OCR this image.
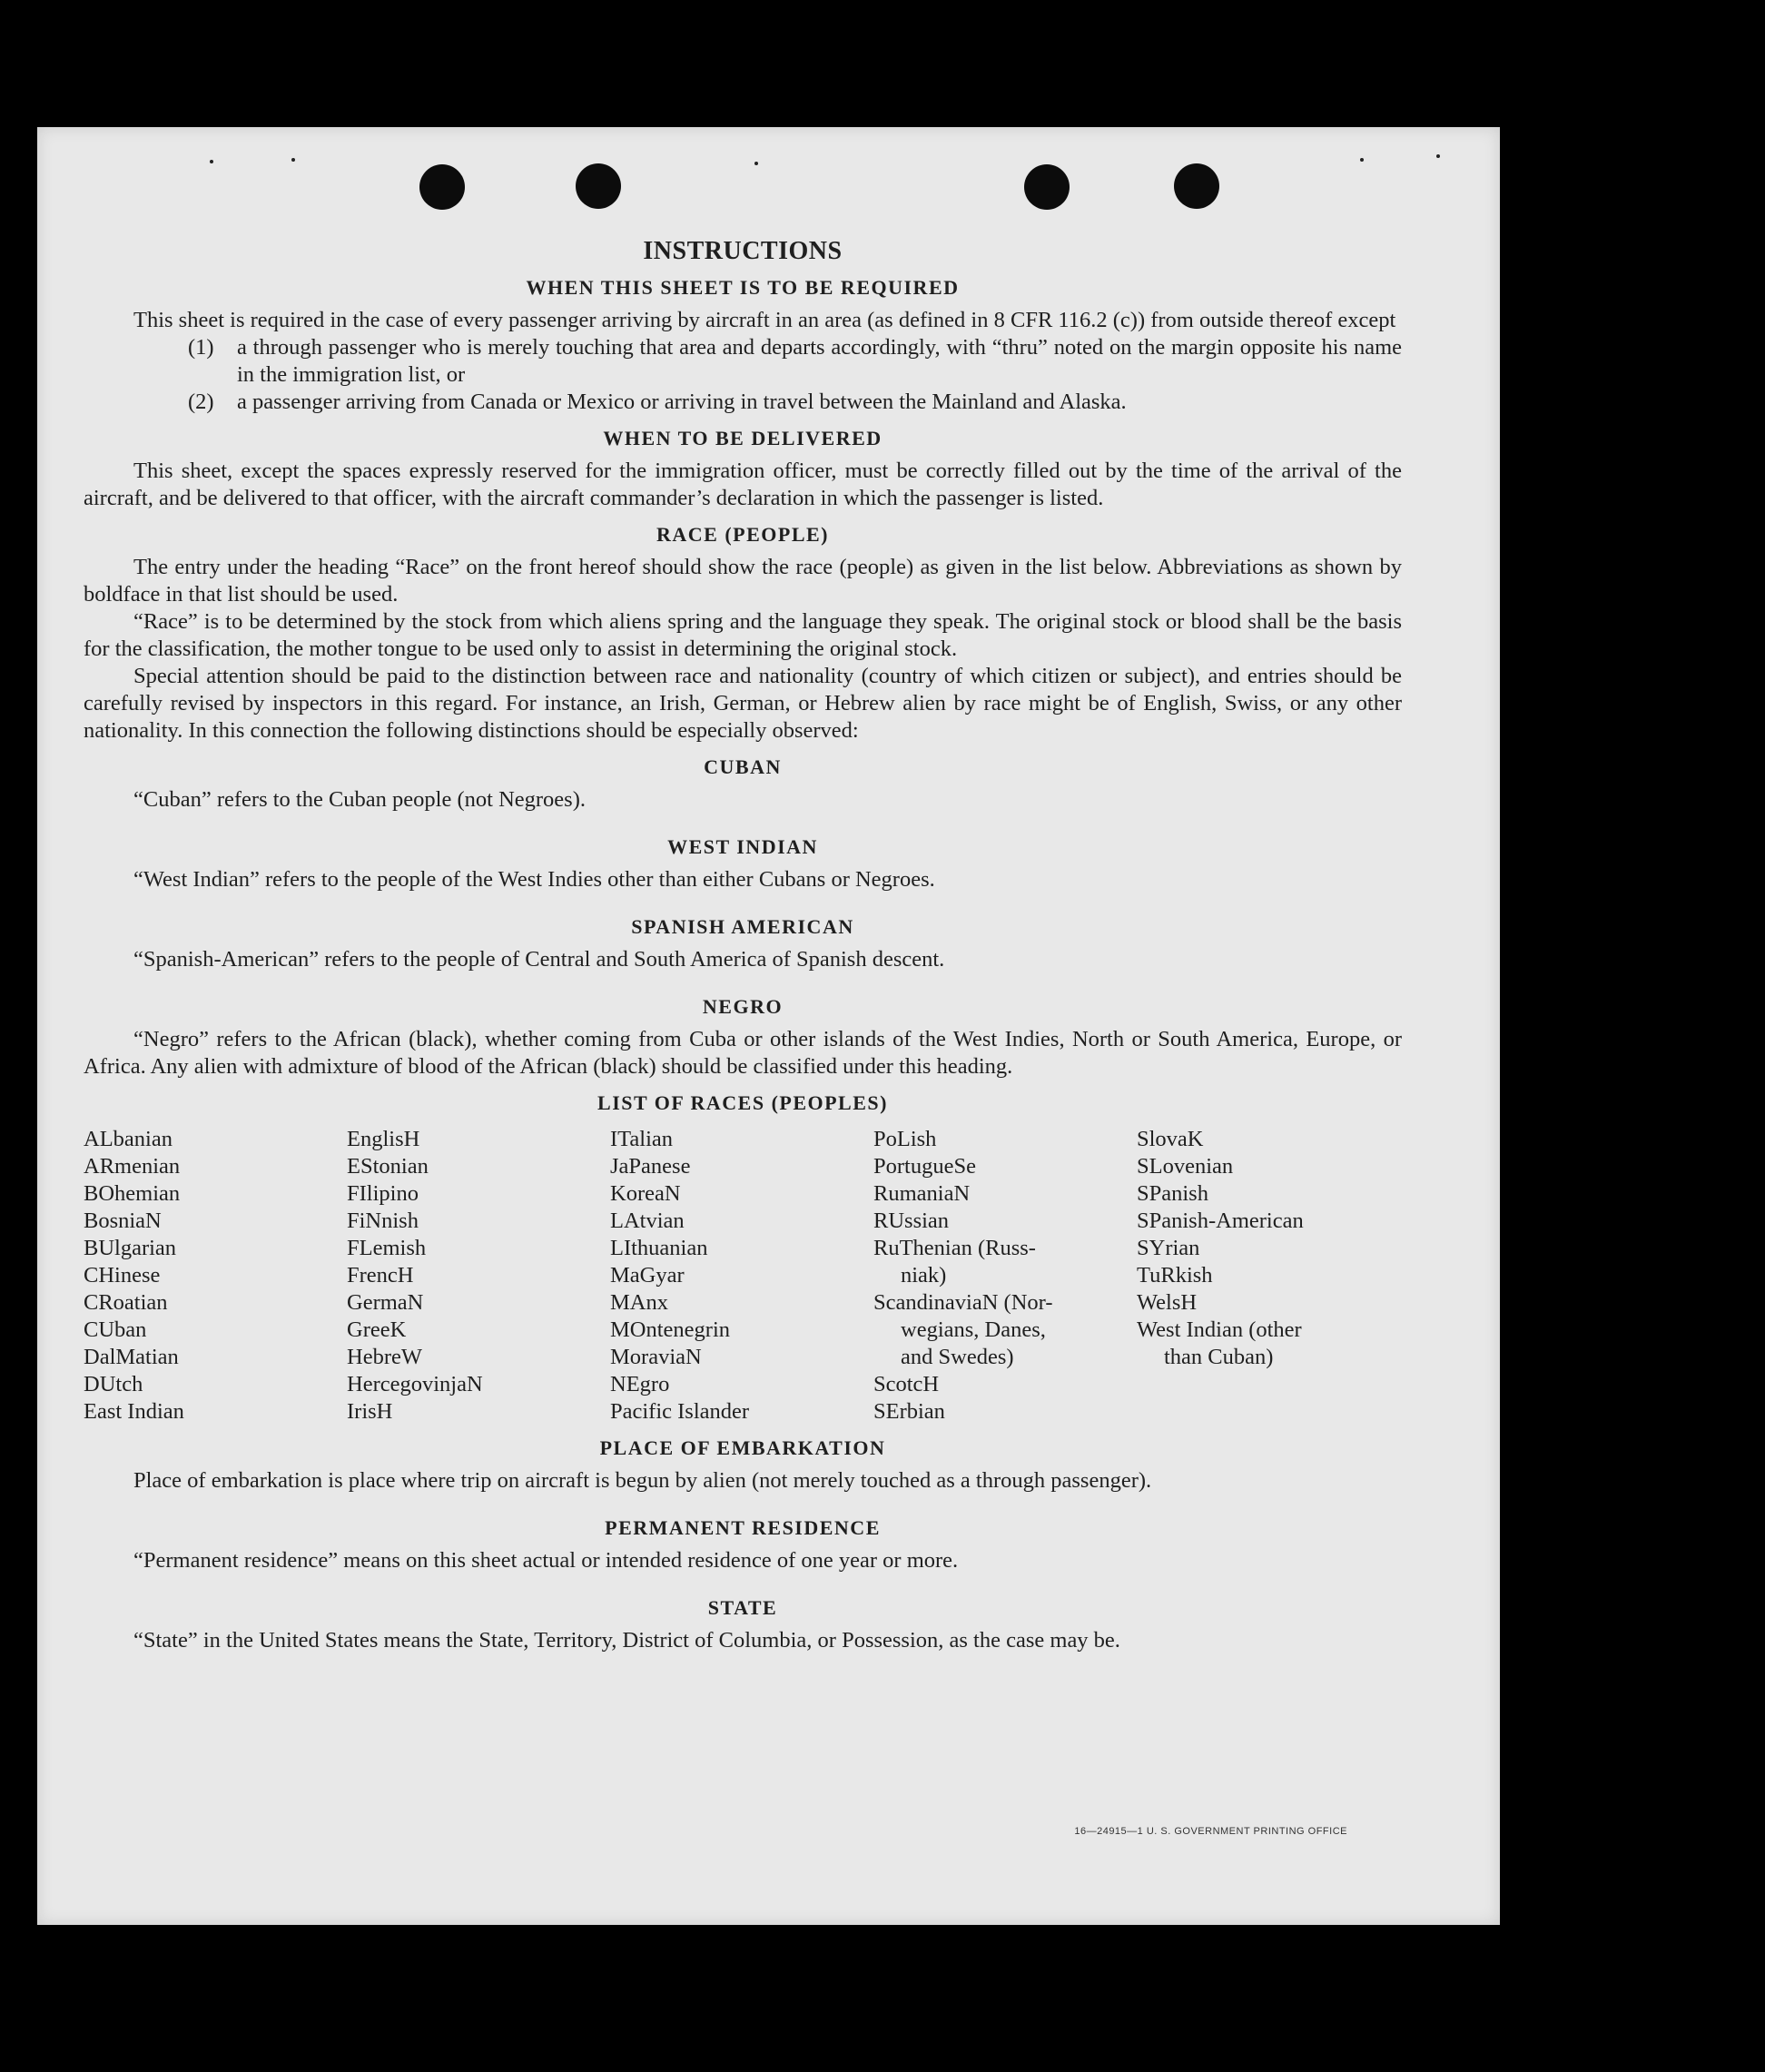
INSTRUCTIONS
WHEN THIS SHEET IS TO BE REQUIRED

This sheet is required in the case of every passenger arriving by aircraft in an area (as defined in 8 CFR 116.2 (c)) from outside thereof except

(1)	a through passenger who is merely touching that area and departs accordingly, with “thru” noted on the margin opposite his name in the immigration list, or
(2)	a passenger arriving from Canada or Mexico or arriving in travel between the Mainland and Alaska.
WHEN TO BE DELIVERED

This sheet, except the spaces expressly reserved for the immigration officer, must be correctly filled out by the time of the arrival of the aircraft, and be delivered to that officer, with the aircraft commander’s declaration in which the passenger is listed.

RACE (PEOPLE)

The entry under the heading “Race” on the front hereof should show the race (people) as given in the list below. Abbreviations as shown by boldface in that list should be used.

“Race” is to be determined by the stock from which aliens spring and the language they speak. The original stock or blood shall be the basis for the classification, the mother tongue to be used only to assist in determining the original stock.

Special attention should be paid to the distinction between race and nationality (country of which citizen or subject), and entries should be carefully revised by inspectors in this regard. For instance, an Irish, German, or Hebrew alien by race might be of English, Swiss, or any other nationality. In this connection the following distinctions should be especially observed:

CUBAN

“Cuban” refers to the Cuban people (not Negroes).

WEST INDIAN

“West Indian” refers to the people of the West Indies other than either Cubans or Negroes.

SPANISH AMERICAN

“Spanish-American” refers to the people of Central and South America of Spanish descent.

NEGRO

“Negro” refers to the African (black), whether coming from Cuba or other islands of the West Indies, North or South America, Europe, or Africa. Any alien with admixture of blood of the African (black) should be classified under this heading.

LIST OF RACES (PEOPLES)
ALbanian
ARmenian
BOhemian
BosniaN
BUlgarian
CHinese
CRoatian
CUban
DalMatian
DUtch
East Indian
EnglisH
EStonian
FIlipino
FiNnish
FLemish
FrencH
GermaN
GreeK
HebreW
HercegovinjaN
IrisH
ITalian
JaPanese
KoreaN
LAtvian
LIthuanian
MaGyar
MAnx
MOntenegrin
MoraviaN
NEgro
Pacific Islander
PoLish
PortugueSe
RumaniaN
RUssian
RuThenian (Russ-
niak)
ScandinaviaN (Nor-
wegians, Danes,
and Swedes)
ScotcH
SErbian
SlovaK
SLovenian
SPanish
SPanish-American
SYrian
TuRkish
WelsH
West Indian (other
than Cuban)
PLACE OF EMBARKATION

Place of embarkation is place where trip on aircraft is begun by alien (not merely touched as a through passenger).

PERMANENT RESIDENCE

“Permanent residence” means on this sheet actual or intended residence of one year or more.

STATE

“State” in the United States means the State, Territory, District of Columbia, or Possession, as the case may be.

16—24915—1 U. S. GOVERNMENT PRINTING OFFICE
